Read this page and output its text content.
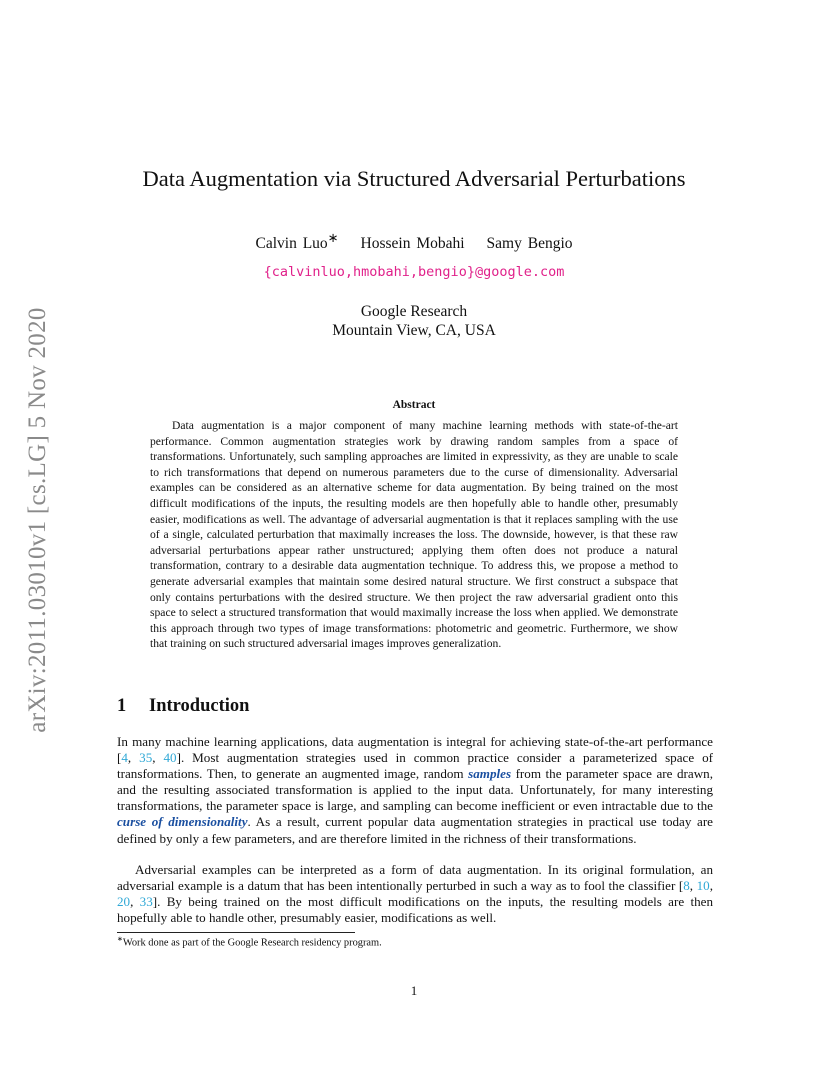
arXiv:2011.03010v1 [cs.LG] 5 Nov 2020
Data Augmentation via Structured Adversarial Perturbations
Calvin Luo∗ Hossein Mobahi Samy Bengio
{calvinluo,hmobahi,bengio}@google.com
Google Research
Mountain View, CA, USA
Abstract

Data augmentation is a major component of many machine learning methods with state-of-the-art performance. Common augmentation strategies work by drawing random samples from a space of transformations. Unfortunately, such sampling approaches are limited in expressivity, as they are unable to scale to rich transformations that depend on numerous parameters due to the curse of dimensionality. Adversarial examples can be considered as an alternative scheme for data augmentation. By being trained on the most difficult modifications of the inputs, the resulting models are then hopefully able to handle other, presumably easier, modifications as well. The advantage of adversarial augmentation is that it replaces sampling with the use of a single, calculated perturbation that maximally increases the loss. The downside, however, is that these raw adversarial perturbations appear rather unstructured; applying them often does not produce a natural transformation, contrary to a desirable data augmentation technique. To address this, we propose a method to generate adversarial examples that maintain some desired natural structure. We first construct a subspace that only contains perturbations with the desired structure. We then project the raw adversarial gradient onto this space to select a structured transformation that would maximally increase the loss when applied. We demonstrate this approach through two types of image transformations: photometric and geometric. Furthermore, we show that training on such structured adversarial images improves generalization.

1 Introduction

In many machine learning applications, data augmentation is integral for achieving state-of-the-art performance [4, 35, 40]. Most augmentation strategies used in common practice consider a parameterized space of transformations. Then, to generate an augmented image, random samples from the parameter space are drawn, and the resulting associated transformation is applied to the input data. Unfortunately, for many interesting transformations, the parameter space is large, and sampling can become inefficient or even intractable due to the curse of dimensionality. As a result, current popular data augmentation strategies in practical use today are defined by only a few parameters, and are therefore limited in the richness of their transformations.

Adversarial examples can be interpreted as a form of data augmentation. In its original formulation, an adversarial example is a datum that has been intentionally perturbed in such a way as to fool the classifier [8, 10, 20, 33]. By being trained on the most difficult modifications on the inputs, the resulting models are then hopefully able to handle other, presumably easier, modifications as well.

∗Work done as part of the Google Research residency program.
1
